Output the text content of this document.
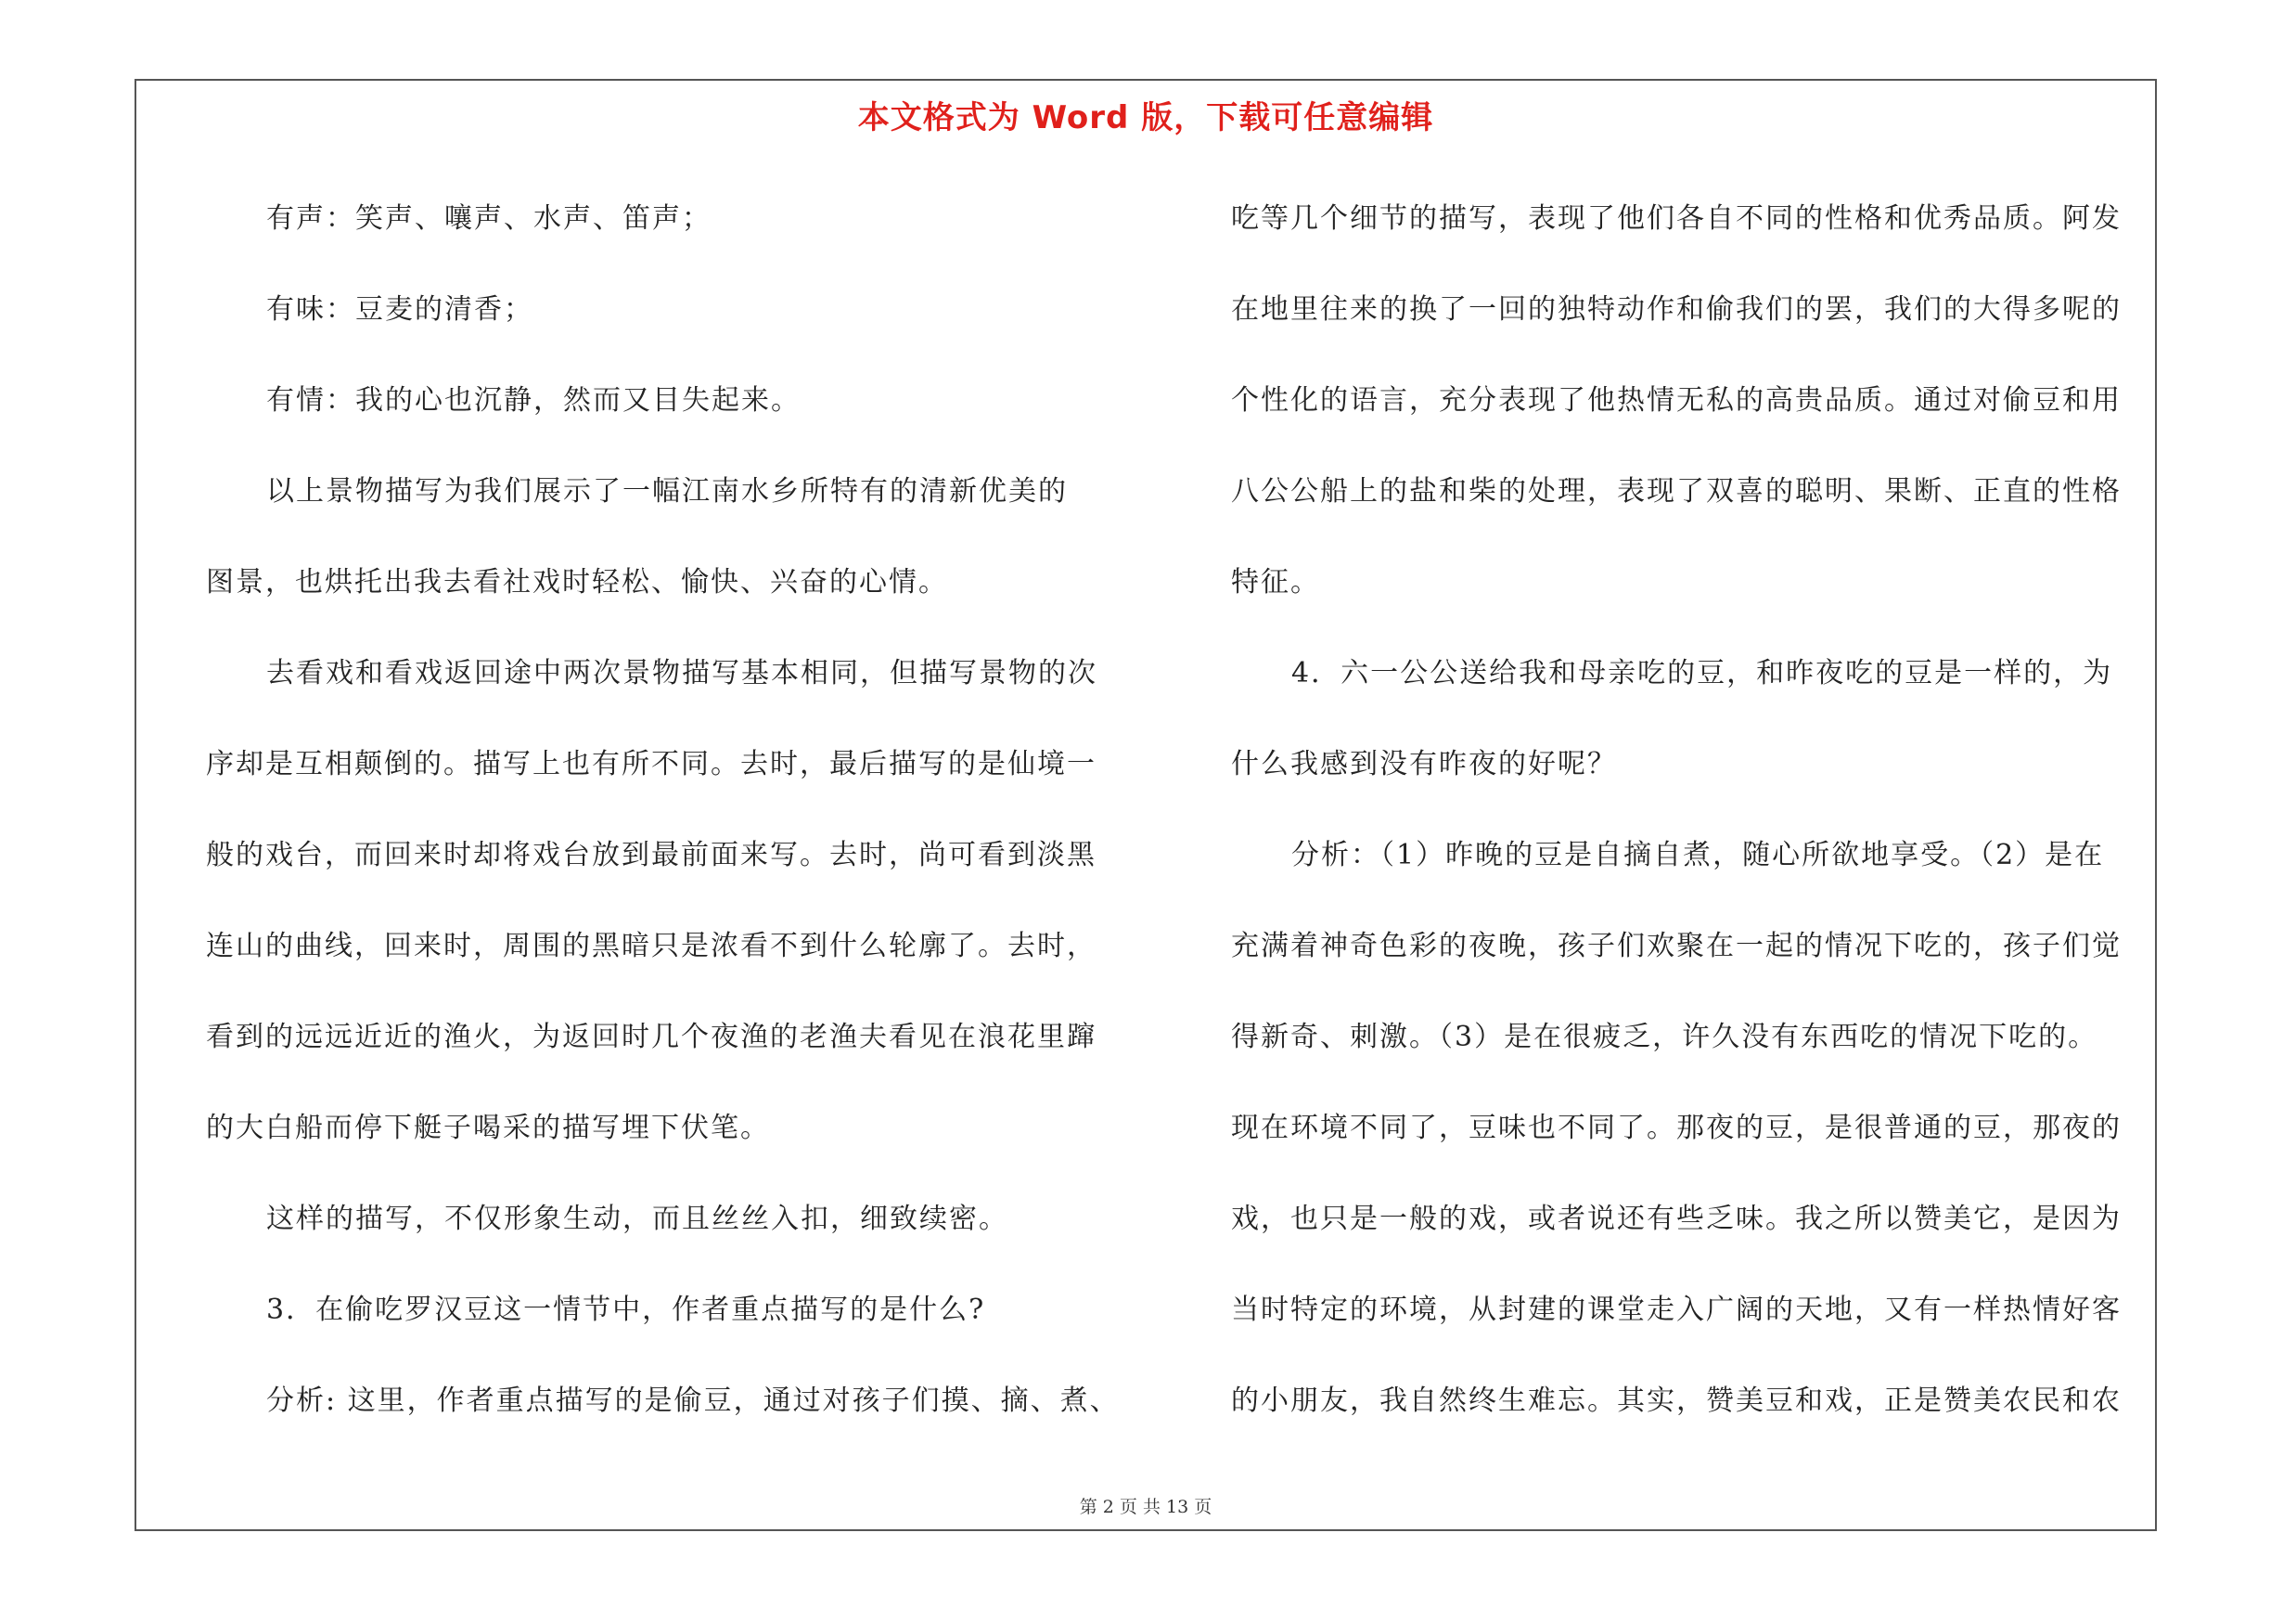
本文格式为 Word 版，下载可任意编辑
有声：笑声、嚷声、水声、笛声；
有味：豆麦的清香；
有情：我的心也沉静，然而又目失起来。
以上景物描写为我们展示了一幅江南水乡所特有的清新优美的
图景，也烘托出我去看社戏时轻松、愉快、兴奋的心情。
去看戏和看戏返回途中两次景物描写基本相同，但描写景物的次
序却是互相颠倒的。描写上也有所不同。去时，最后描写的是仙境一
般的戏台，而回来时却将戏台放到最前面来写。去时，尚可看到淡黑
连山的曲线，回来时，周围的黑暗只是浓看不到什么轮廓了。去时，
看到的远远近近的渔火，为返回时几个夜渔的老渔夫看见在浪花里蹿
的大白船而停下艇子喝采的描写埋下伏笔。
这样的描写，不仅形象生动，而且丝丝入扣，细致续密。
3．在偷吃罗汉豆这一情节中，作者重点描写的是什么?
分析: 这里，作者重点描写的是偷豆，通过对孩子们摸、摘、煮、
吃等几个细节的描写，表现了他们各自不同的性格和优秀品质。阿发
在地里往来的换了一回的独特动作和偷我们的罢，我们的大得多呢的
个性化的语言，充分表现了他热情无私的高贵品质。通过对偷豆和用
八公公船上的盐和柴的处理，表现了双喜的聪明、果断、正直的性格
特征。
4．六一公公送给我和母亲吃的豆，和昨夜吃的豆是一样的，为
什么我感到没有昨夜的好呢？
分析：（1）昨晚的豆是自摘自煮，随心所欲地享受。（2）是在
充满着神奇色彩的夜晚，孩子们欢聚在一起的情况下吃的，孩子们觉
得新奇、刺激。（3）是在很疲乏，许久没有东西吃的情况下吃的。
现在环境不同了，豆味也不同了。那夜的豆，是很普通的豆，那夜的
戏，也只是一般的戏，或者说还有些乏味。我之所以赞美它，是因为
当时特定的环境，从封建的课堂走入广阔的天地，又有一样热情好客
的小朋友，我自然终生难忘。其实，赞美豆和戏，正是赞美农民和农
第 2 页 共 13 页
